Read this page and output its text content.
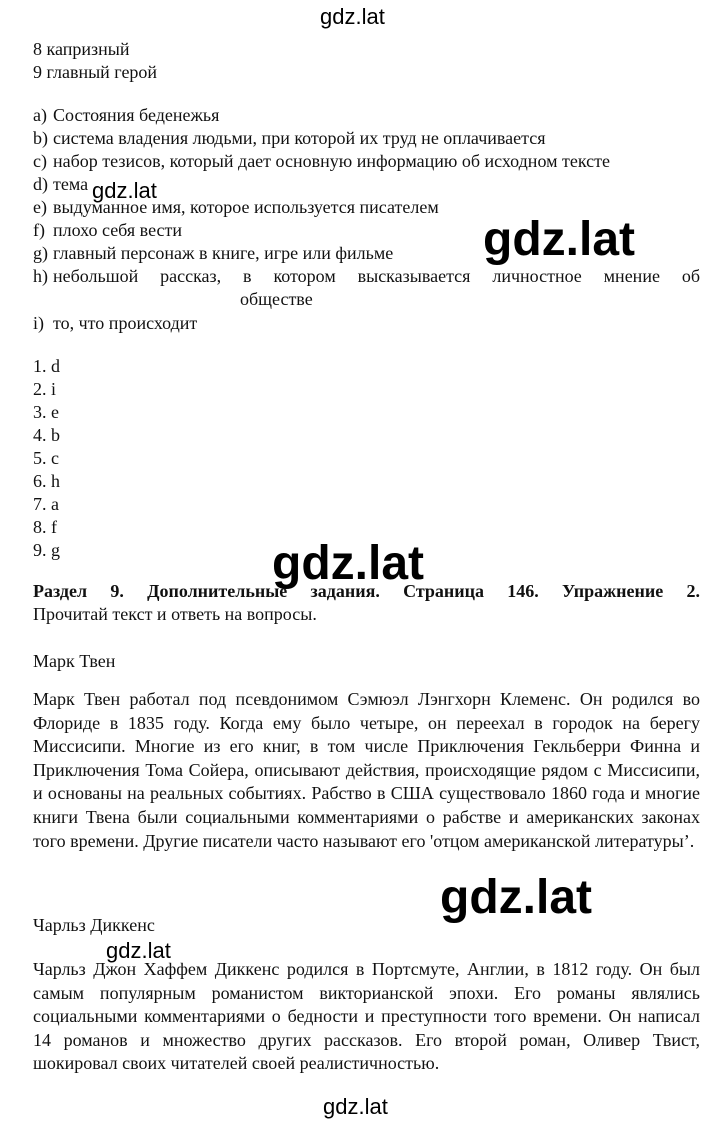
gdz.lat
gdz.lat
gdz.lat
gdz.lat
gdz.lat
gdz.lat
gdz.lat
8 капризный
9 главный герой
a) Состояния беденежья
b) система владения людьми, при которой их труд не оплачивается
c) набор тезисов, который дает основную информацию об исходном тексте
d) тема
e) выдуманное имя, которое используется писателем
f) плохо себя вести
g) главный персонаж в книге, игре или фильме
h) небольшой рассказ, в котором высказывается личностное мнение об
обществе
i) то, что происходит
1. d
2. i
3. e
4. b
5. c
6. h
7. a
8. f
9. g
Раздел 9. Дополнительные задания. Страница 146. Упражнение 2.
Прочитай текст и ответь на вопросы.
Марк Твен
Марк Твен работал под псевдонимом Сэмюэл Лэнгхорн Клеменс. Он родился во Флориде в 1835 году. Когда ему было четыре, он переехал в городок на берегу Миссисипи. Многие из его книг, в том числе Приключения Гекльберри Финна и Приключения Тома Сойера, описывают действия, происходящие рядом с Миссисипи, и основаны на реальных событиях. Рабство в США существовало 1860 года и многие книги Твена были социальными комментариями о рабстве и американских законах того времени. Другие писатели часто называют его 'отцом американской литературы’.
Чарльз Диккенс
Чарльз Джон Хаффем Диккенс родился в Портсмуте, Англии, в 1812 году. Он был самым популярным романистом викторианской эпохи. Его романы являлись социальными комментариями о бедности и преступности того времени. Он написал 14 романов и множество других рассказов. Его второй роман, Оливер Твист, шокировал своих читателей своей реалистичностью.
